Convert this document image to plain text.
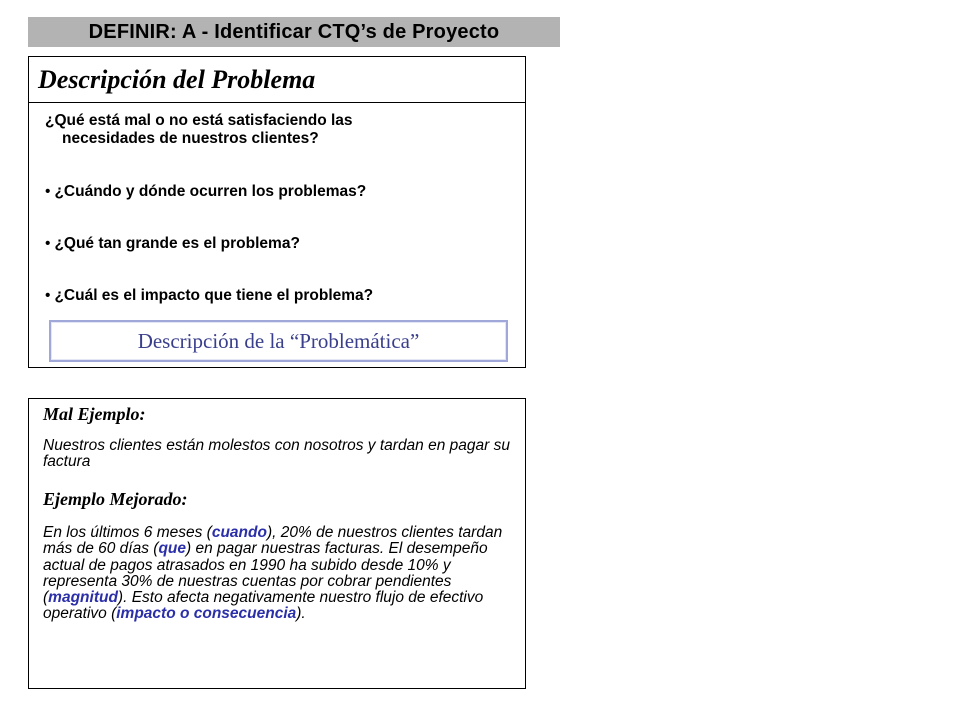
DEFINIR: A - Identificar CTQ’s de Proyecto
Descripción del Problema
¿Qué está mal o no está satisfaciendo las
necesidades de nuestros clientes?
• ¿Cuándo y dónde ocurren los problemas?
• ¿Qué tan grande es el problema?
• ¿Cuál es el impacto que tiene el problema?
Descripción de la “Problemática”
Mal Ejemplo:
Nuestros clientes están molestos con nosotros y tardan en pagar su factura
Ejemplo Mejorado:
En los últimos 6 meses (cuando), 20% de nuestros clientes tardan más de 60 días (que) en pagar nuestras facturas. El desempeño actual de pagos atrasados en 1990 ha subido desde 10% y representa 30% de nuestras cuentas por cobrar pendientes (magnitud). Esto afecta negativamente nuestro flujo de efectivo operativo (impacto o consecuencia).
